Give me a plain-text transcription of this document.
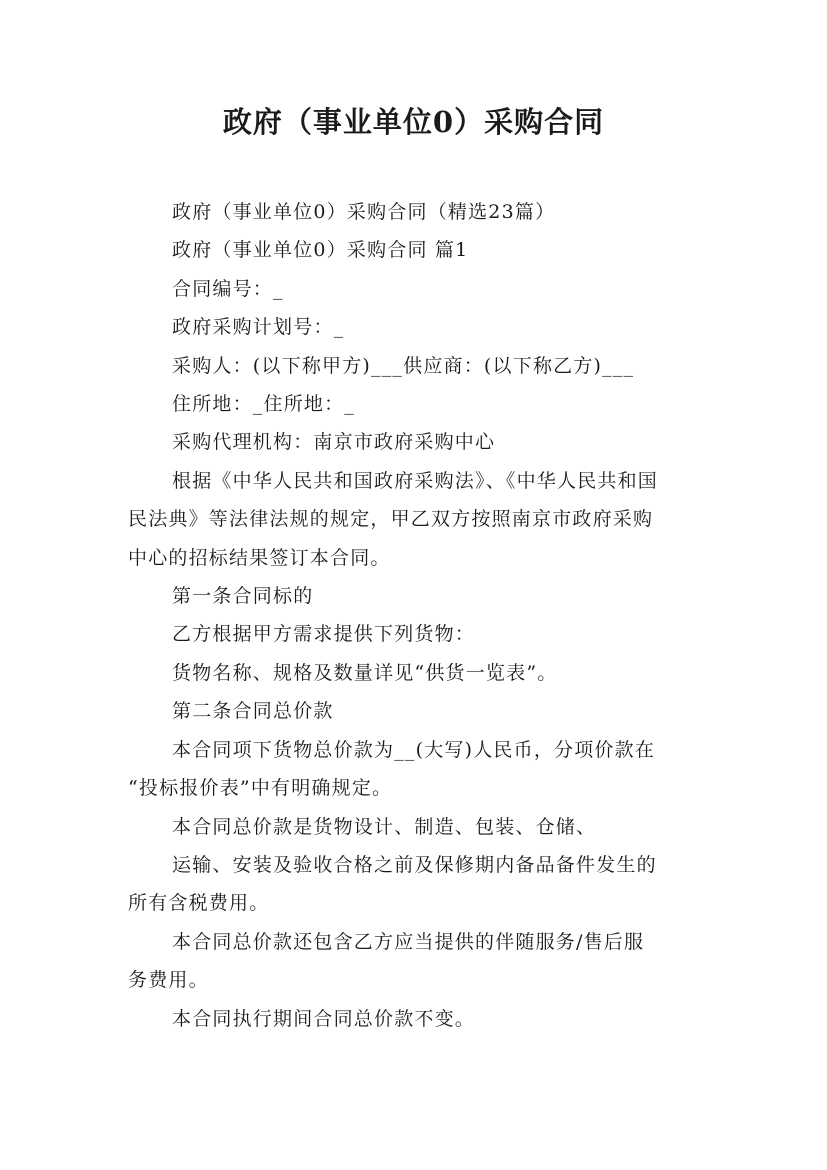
政府（事业单位0）采购合同

政府（事业单位0）采购合同（精选23篇）

政府（事业单位0）采购合同 篇1

合同编号：_

政府采购计划号：_

采购人：(以下称甲方)___供应商：(以下称乙方)___

住所地：_住所地：_

采购代理机构：南京市政府采购中心

根据《中华人民共和国政府采购法》、《中华人民共和国

民法典》等法律法规的规定，甲乙双方按照南京市政府采购

中心的招标结果签订本合同。

第一条合同标的

乙方根据甲方需求提供下列货物：

货物名称、规格及数量详见“供货一览表”。

第二条合同总价款

本合同项下货物总价款为__(大写)人民币，分项价款在

“投标报价表”中有明确规定。

本合同总价款是货物设计、制造、包装、仓储、

运输、安装及验收合格之前及保修期内备品备件发生的

所有含税费用。

本合同总价款还包含乙方应当提供的伴随服务/售后服

务费用。

本合同执行期间合同总价款不变。
